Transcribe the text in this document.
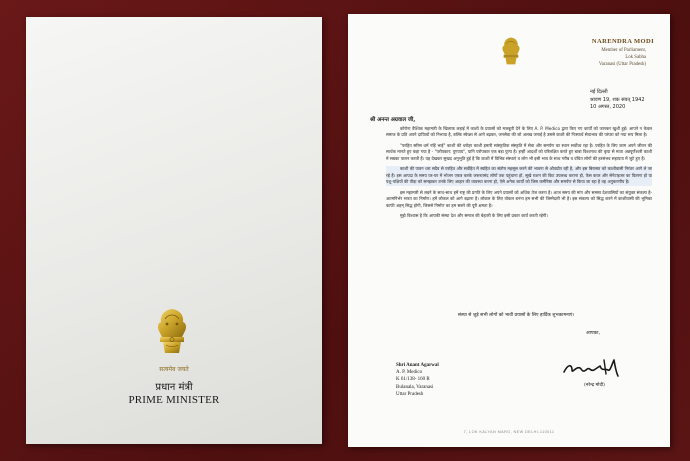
सत्यमेव जयते
प्रधान मंत्री
PRIME MINISTER
NARENDRA MODI
Member of Parliament,
Lok Sabha
Varanasi (Uttar Pradesh)
नई दिल्ली
श्रावण 19, शक संवत् 1942
10 अगस्त, 2020
श्री अनन्त अग्रवाल जी,

कोरोना वैश्विक महामारी के खिलाफ लड़ाई में काशी के प्रयासों को मजबूती देने के लिए A. P. Medico द्वारा किए गए कार्यों को जानकर खुशी हुई। आपने न केवल समाज के प्रति अपने दायित्वों को निभाया है, बल्कि स्वेच्छा से आगे बढ़कर, जनसेवा की जो अलख जगाई है उससे काशी की निःस्वार्थ सेवाभाव की परंपरा को नया रूप मिला है।

"परहित सरिस धर्म नहिं भाई" काशी की धरोहर काशी हमारी सांस्कृतिक संस्कृति में सेवा और समर्पण का स्थान सर्वोच्च रहा है। परहित के लिए काम अपने जीवन की सार्थक मानते हुए कहा गया है - "परोपकार: पुण्याय", यानि परोपकार एक बड़ा पुण्य है। इन्हीं आदर्शों को परिलक्षित करते हुए बाबा विश्वनाथ की कृपा से माता अन्नपूर्णेश्वरी काशी में सबका पालन करती हैं। यह देखकर सुखद अनुभूति हुई है कि काशी में विभिन्न संस्थाएं व लोग भी इसी भाव के साथ गरीब व वंचित लोगों की हरसंभव सहायता में जुटे हुए हैं।

काशी की पावन धरा सदैव से परहित और सर्वहित में स्वहित का संतोष महसूस करने की भावना से ओतप्रोत रही है, और इस बिरासत को काशीवासी निरंतर आगे ले जा रहे हैं। इस आपदा के समय घर-घर में भोजन एकत्र करके जरूरतमंद लोगों तक पहुंचाना हो, सूखे राशन की किट उपलब्ध कराना हो, फेस कवर और सेनेटाइजर का वितरण हो या पशु-पक्षियों की पीड़ा को समझकर उनके लिए आहार की व्यवस्था करना हो, ऐसे अनेक कार्यों को जिस कर्मनिष्ठा और समर्पण से किया जा रहा है वह अनुकरणीय है।

इस महामारी से लड़ने के साथ-साथ हमें राष्ट्र की प्रगति के लिए अपने प्रयासों को अधिक तेज करना है। आज समय की मांग और समस्त देशवासियों का संयुक्त संकल्प है-आत्मनिर्भर भारत का निर्माण। हमें लोकल को आगे बढ़ाना है। लोकल के लिए वोकल बनना हम सभी की जिम्मेदारी भी है। इस संकल्प को सिद्ध करने में काशीवासी की भूमिका काफी अहम् सिद्ध होगी, जिससे निर्माण का हम सबने की पूरी क्षमता है।

मुझे विश्वास है कि आपकी संस्था देश और समाज की बेहतरी के लिए इसी प्रकार कार्य करती रहेगी।

संस्था से जुड़े सभी लोगों को भावी प्रयासों के लिए हार्दिक शुभकामनाएं।
आपका,
(नरेन्द्र मोदी)
Shri Anant Agarwal
A. P. Medico
K 61/138- 160 R
Bulanala, Varanasi
Uttar Pradesh
7, LOK KALYAN MARG, NEW DELHI-110011
